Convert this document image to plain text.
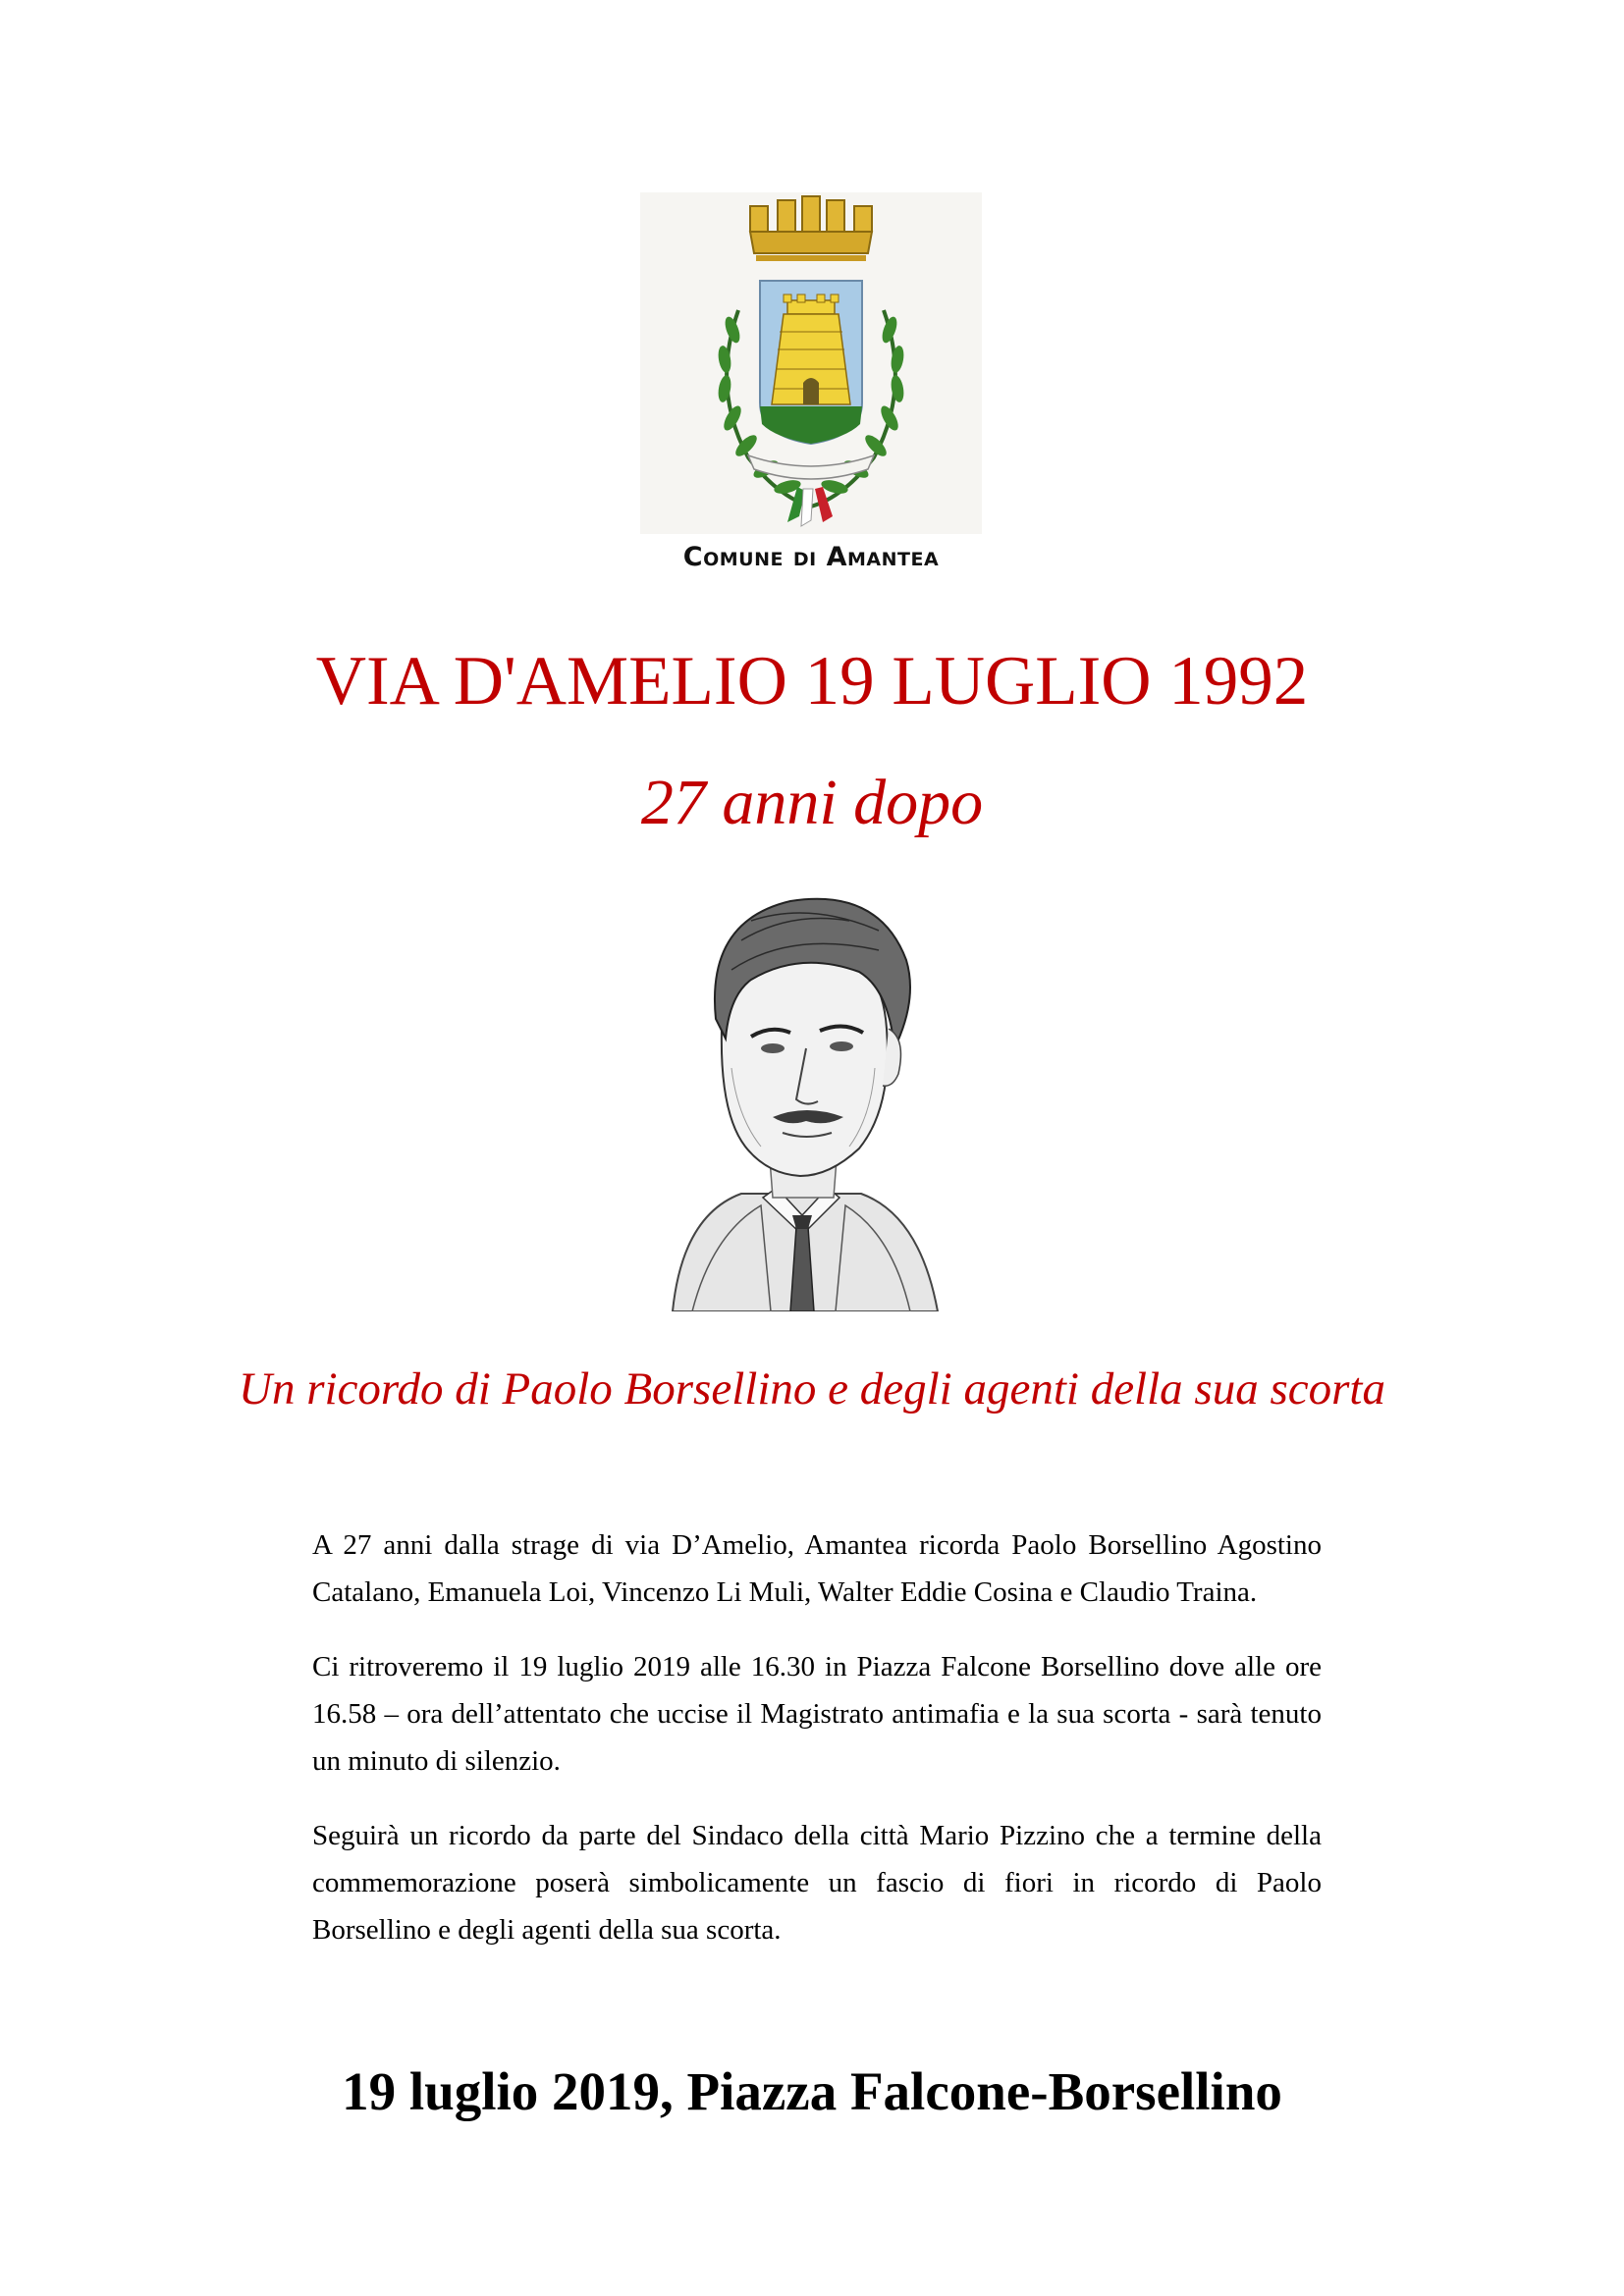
Comune di Amantea
VIA D'AMELIO 19 LUGLIO 1992
27 anni dopo
Un ricordo di Paolo Borsellino e degli agenti della sua scorta

A 27 anni dalla strage di via D’Amelio, Amantea ricorda Paolo Borsellino Agostino Catalano, Emanuela Loi, Vincenzo Li Muli, Walter Eddie Cosina e Claudio Traina.

Ci ritroveremo il 19 luglio 2019 alle 16.30 in Piazza Falcone Borsellino dove alle ore 16.58 – ora dell’attentato che uccise il Magistrato antimafia e la sua scorta - sarà tenuto un minuto di silenzio.

Seguirà un ricordo da parte del Sindaco della città Mario Pizzino che a termine della commemorazione poserà simbolicamente un fascio di fiori in ricordo di Paolo Borsellino e degli agenti della sua scorta.

19 luglio 2019, Piazza Falcone-Borsellino
